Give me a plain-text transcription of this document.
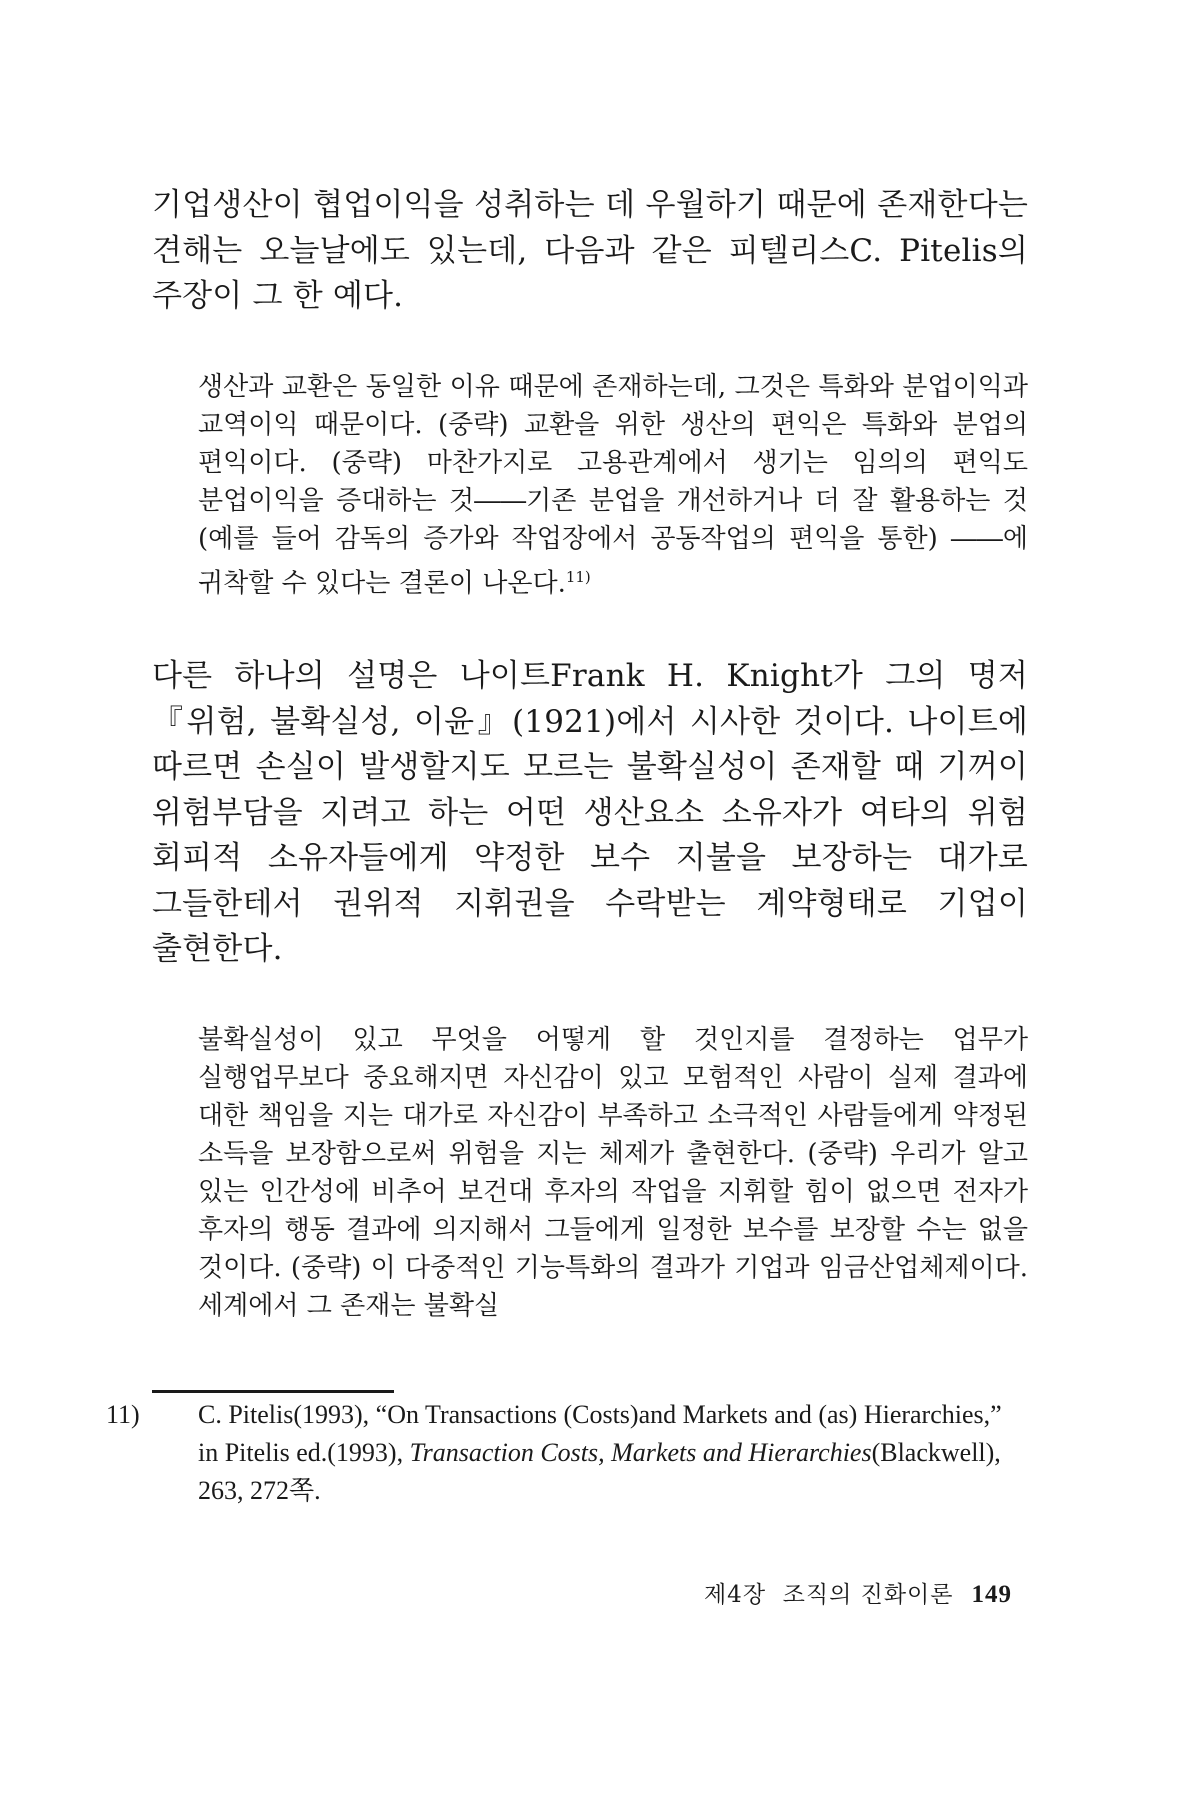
기업생산이 협업이익을 성취하는 데 우월하기 때문에 존재한다는 견해는 오늘날에도 있는데, 다음과 같은 피텔리스C. Pitelis의 주장이 그 한 예다.

생산과 교환은 동일한 이유 때문에 존재하는데, 그것은 특화와 분업이익과 교역이익 때문이다. (중략) 교환을 위한 생산의 편익은 특화와 분업의 편익이다. (중략) 마찬가지로 고용관계에서 생기는 임의의 편익도 분업이익을 증대하는 것――기존 분업을 개선하거나 더 잘 활용하는 것(예를 들어 감독의 증가와 작업장에서 공동작업의 편익을 통한) ――에 귀착할 수 있다는 결론이 나온다.$^{11)}$

다른 하나의 설명은 나이트Frank H. Knight가 그의 명저 『위험, 불확실성, 이윤』(1921)에서 시사한 것이다. 나이트에 따르면 손실이 발생할지도 모르는 불확실성이 존재할 때 기꺼이 위험부담을 지려고 하는 어떤 생산요소 소유자가 여타의 위험 회피적 소유자들에게 약정한 보수 지불을 보장하는 대가로 그들한테서 권위적 지휘권을 수락받는 계약형태로 기업이 출현한다.

불확실성이 있고 무엇을 어떻게 할 것인지를 결정하는 업무가 실행업무보다 중요해지면 자신감이 있고 모험적인 사람이 실제 결과에 대한 책임을 지는 대가로 자신감이 부족하고 소극적인 사람들에게 약정된 소득을 보장함으로써 위험을 지는 체제가 출현한다. (중략) 우리가 알고 있는 인간성에 비추어 보건대 후자의 작업을 지휘할 힘이 없으면 전자가 후자의 행동 결과에 의지해서 그들에게 일정한 보수를 보장할 수는 없을 것이다. (중략) 이 다중적인 기능특화의 결과가 기업과 임금산업체제이다. 세계에서 그 존재는 불확실

11) C. Pitelis(1993), “On Transactions (Costs)and Markets and (as) Hierarchies,” in Pitelis ed.(1993), Transaction Costs, Markets and Hierarchies(Blackwell), 263, 272쪽.
제4장  조직의 진화이론 149
